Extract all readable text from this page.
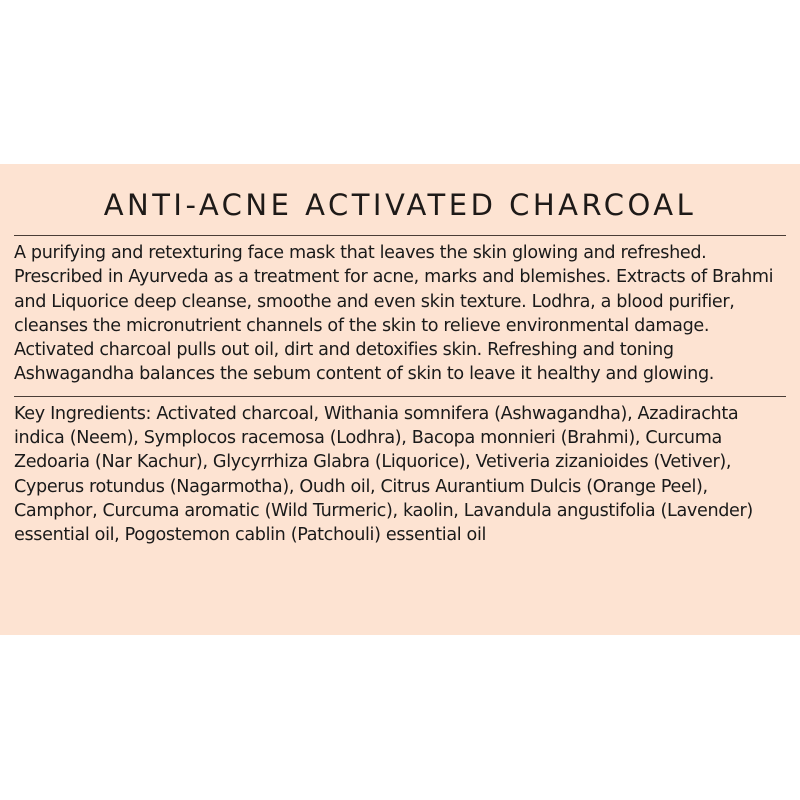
ANTI-ACNE ACTIVATED CHARCOAL

A purifying and retexturing face mask that leaves the skin glowing and refreshed. Prescribed in Ayurveda as a treatment for acne, marks and blemishes. Extracts of Brahmi and Liquorice deep cleanse, smoothe and even skin texture. Lodhra, a blood purifier, cleanses the micronutrient channels of the skin to relieve environmental damage. Activated charcoal pulls out oil, dirt and detoxifies skin. Refreshing and toning Ashwagandha balances the sebum content of skin to leave it healthy and glowing.

Key Ingredients: Activated charcoal, Withania somnifera (Ashwagandha), Azadirachta indica (Neem), Symplocos racemosa (Lodhra), Bacopa monnieri (Brahmi), Curcuma Zedoaria (Nar Kachur), Glycyrrhiza Glabra (Liquorice), Vetiveria zizanioides (Vetiver), Cyperus rotundus (Nagarmotha), Oudh oil, Citrus Aurantium Dulcis (Orange Peel), Camphor, Curcuma aromatic (Wild Turmeric), kaolin, Lavandula angustifolia (Lavender) essential oil, Pogostemon cablin (Patchouli) essential oil
